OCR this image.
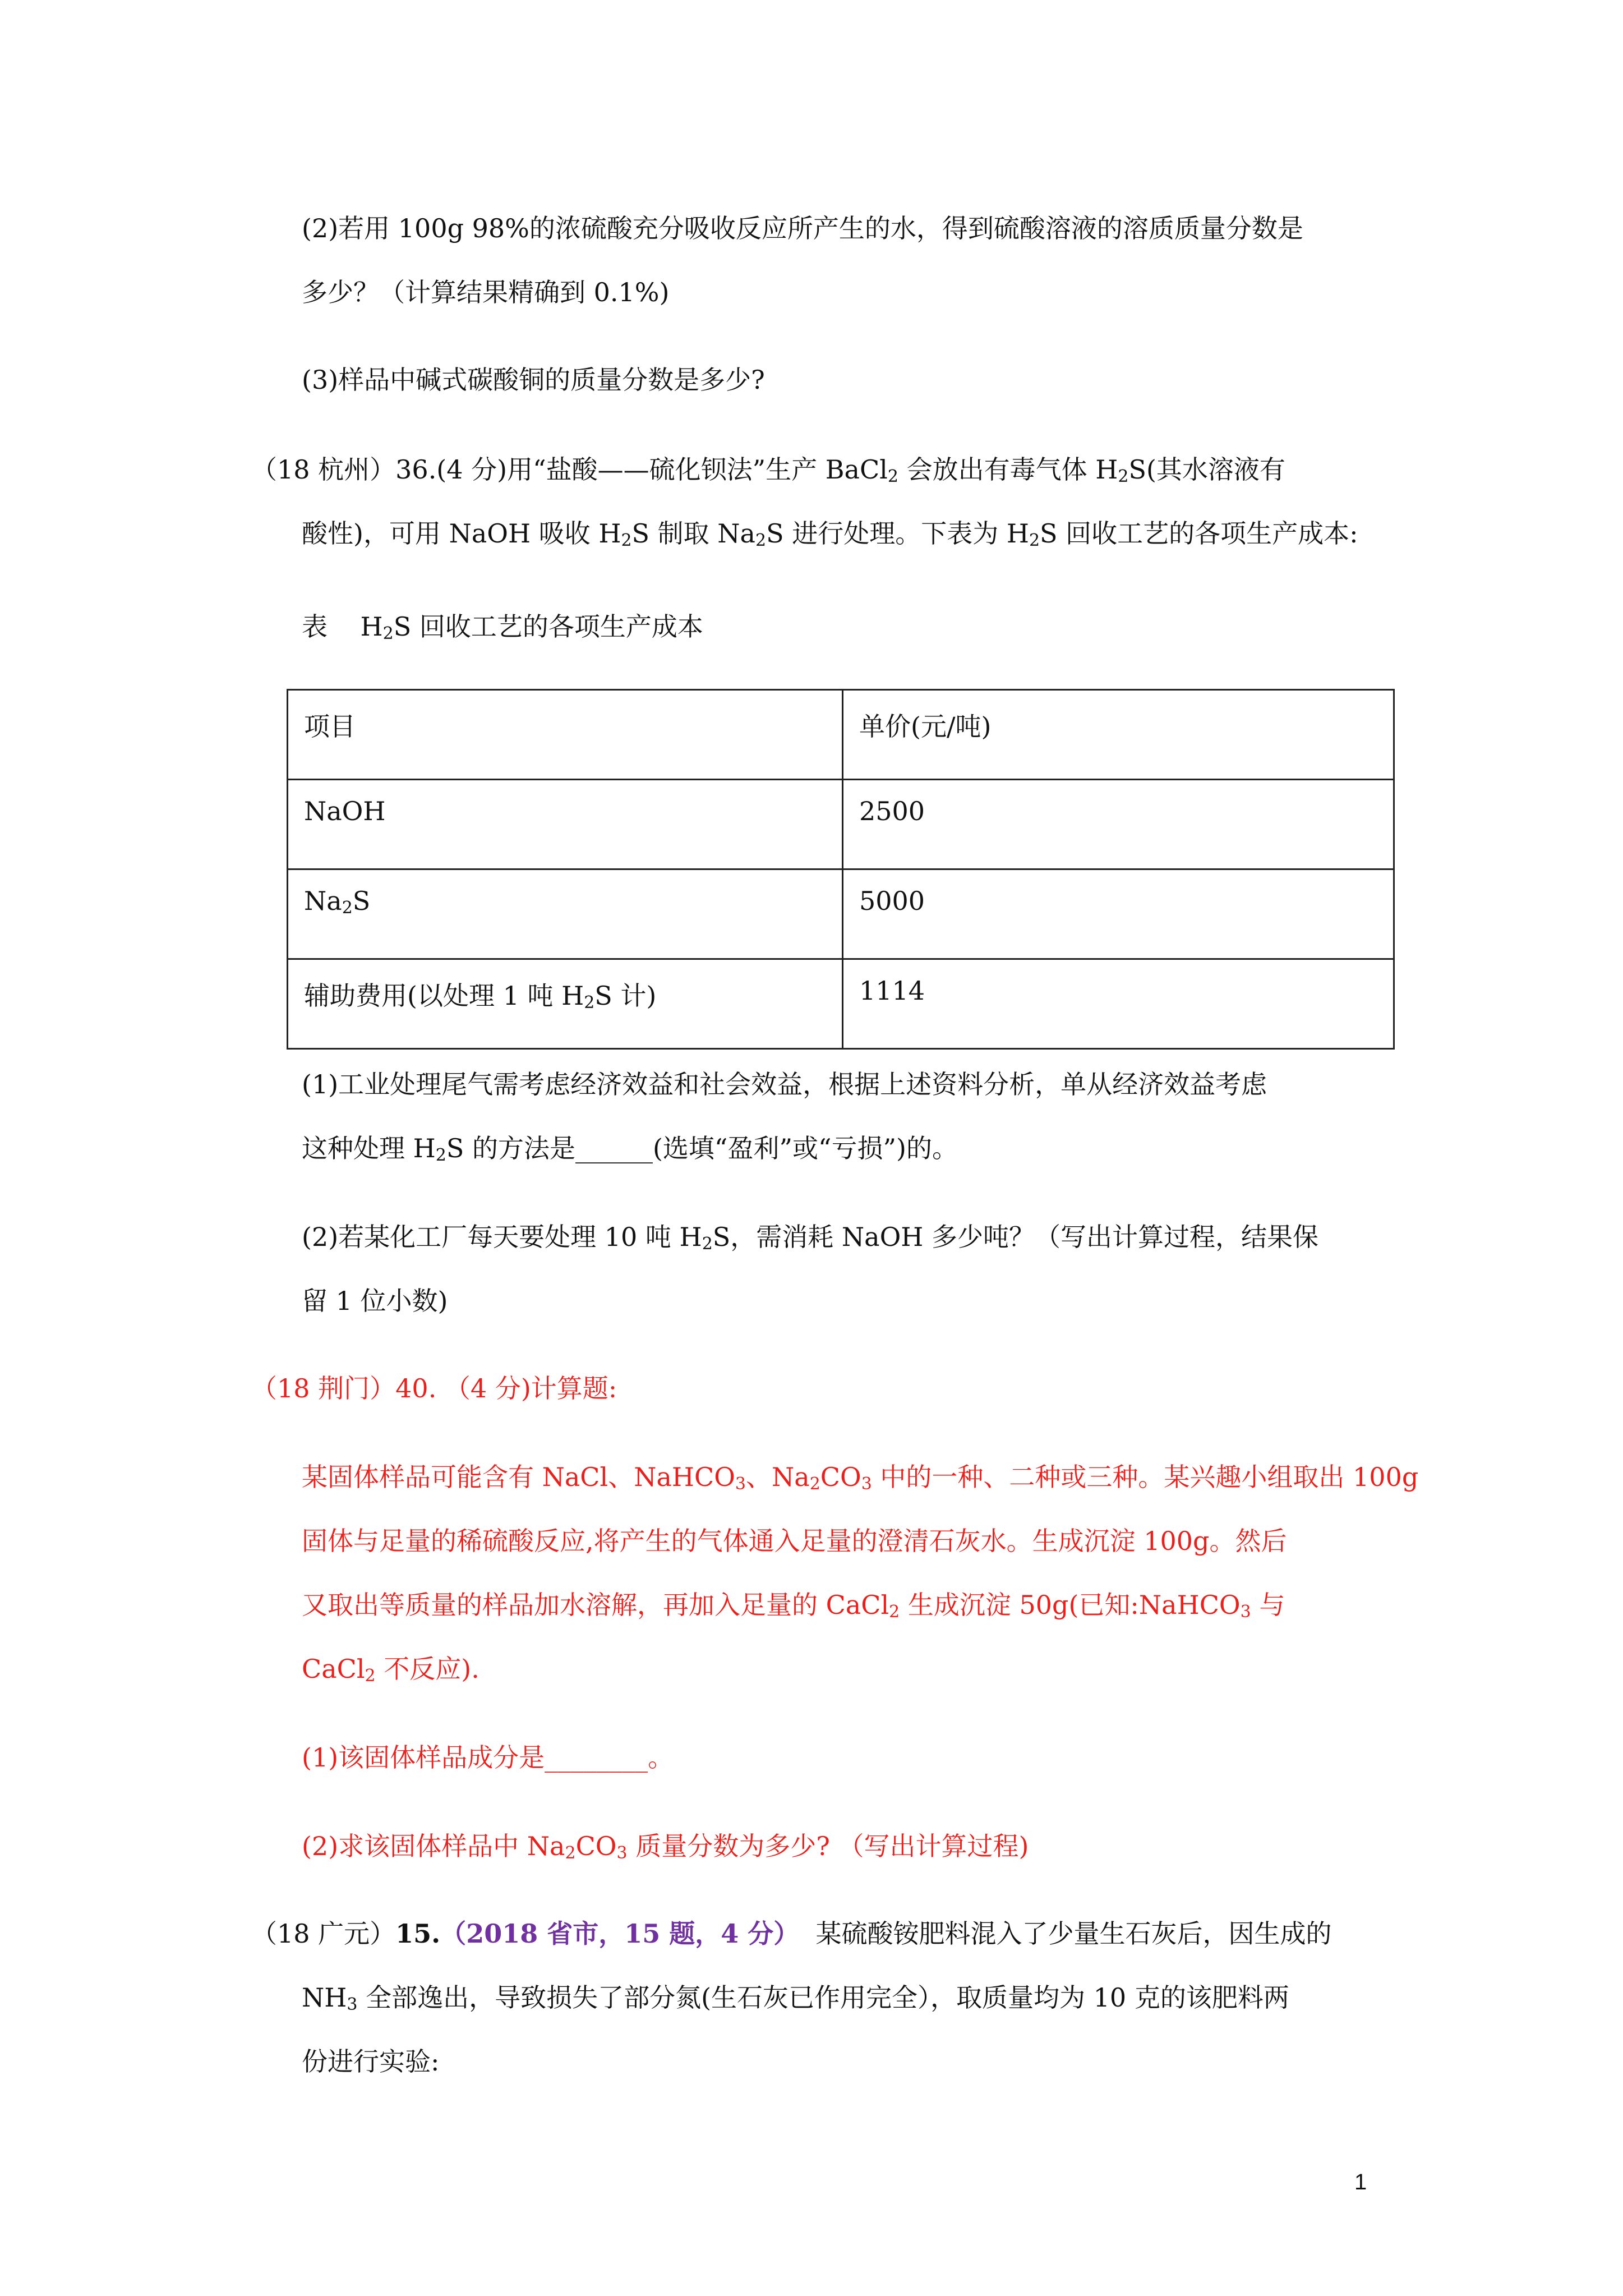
(2)若用 100g 98%的浓硫酸充分吸收反应所产生的水，得到硫酸溶液的溶质质量分数是

多少？（计算结果精确到 0.1%)

(3)样品中碱式碳酸铜的质量分数是多少?

（18 杭州）36.(4 分)用“盐酸——硫化钡法”生产 BaCl$_2$ 会放出有毒气体 $H_2S$(其水溶液有

酸性)，可用 NaOH 吸收 $H_2S$ 制取 $Na_2S$ 进行处理。下表为 $H_2S$ 回收工艺的各项生产成本:

表    $H_2S$ 回收工艺的各项生产成本

项目	单价(元/吨)
NaOH	2500
$Na_2S$	5000
辅助费用(以处理 1 吨 $H_2S$ 计)	1114

(1)工业处理尾气需考虑经济效益和社会效益，根据上述资料分析，单从经济效益考虑

这种处理 $H_2S$ 的方法是______(选填“盈利”或“亏损”)的。

(2)若某化工厂每天要处理 10 吨 $H_2S$，需消耗 NaOH 多少吨？（写出计算过程，结果保

留 1 位小数)

（18 荆门）40. （4 分)计算题:

某固体样品可能含有 NaCl、NaHCO$_3$、$Na_2CO_3$ 中的一种、二种或三种。某兴趣小组取出 100g

固体与足量的稀硫酸反应,将产生的气体通入足量的澄清石灰水。生成沉淀 100g。然后

又取出等质量的样品加水溶解，再加入足量的 CaCl$_2$ 生成沉淀 50g(已知:NaHCO$_3$ 与

CaCl$_2$ 不反应).

(1)该固体样品成分是________。

(2)求该固体样品中 $Na_2CO_3$ 质量分数为多少? （写出计算过程)

（18 广元）15.（2018 省市，15 题，4 分）  某硫酸铵肥料混入了少量生石灰后，因生成的

$NH_3$ 全部逸出，导致损失了部分氮(生石灰已作用完全），取质量均为 10 克的该肥料两

份进行实验:

1
